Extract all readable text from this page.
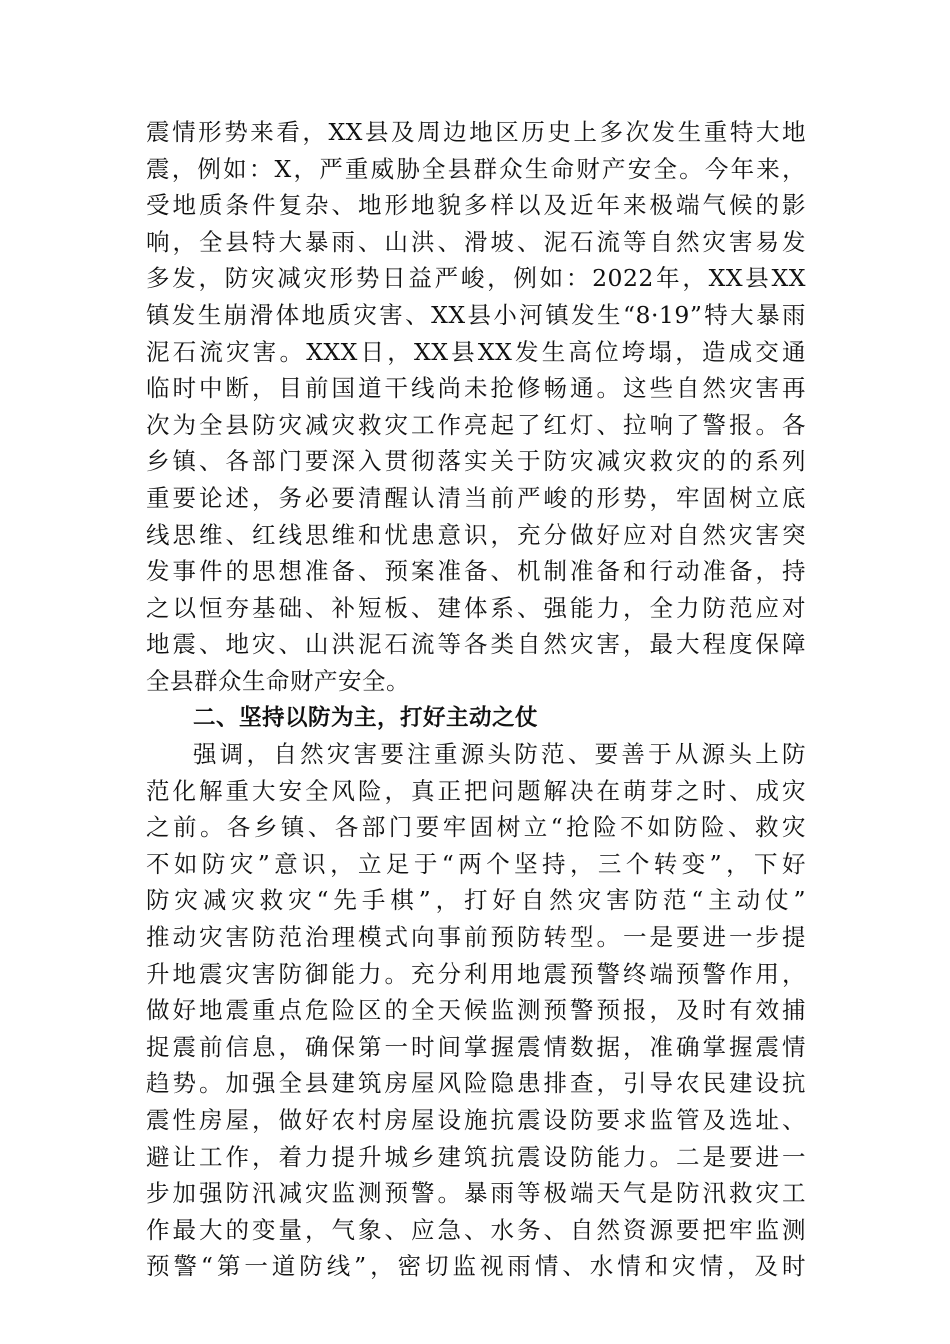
震情形势来看，XX县及周边地区历史上多次发生重特大地
震，例如：X，严重威胁全县群众生命财产安全。今年来，
受地质条件复杂、地形地貌多样以及近年来极端气候的影
响，全县特大暴雨、山洪、滑坡、泥石流等自然灾害易发
多发，防灾减灾形势日益严峻，例如：2022年，XX县XX
镇发生崩滑体地质灾害、XX县小河镇发生“8·19”特大暴雨
泥石流灾害。XXX日，XX县XX发生高位垮塌，造成交通
临时中断，目前国道干线尚未抢修畅通。这些自然灾害再
次为全县防灾减灾救灾工作亮起了红灯、拉响了警报。各
乡镇、各部门要深入贯彻落实关于防灾减灾救灾的的系列
重要论述，务必要清醒认清当前严峻的形势，牢固树立底
线思维、红线思维和忧患意识，充分做好应对自然灾害突
发事件的思想准备、预案准备、机制准备和行动准备，持
之以恒夯基础、补短板、建体系、强能力，全力防范应对
地震、地灾、山洪泥石流等各类自然灾害，最大程度保障
全县群众生命财产安全。
二、坚持以防为主，打好主动之仗
强调，自然灾害要注重源头防范、要善于从源头上防
范化解重大安全风险，真正把问题解决在萌芽之时、成灾
之前。各乡镇、各部门要牢固树立“抢险不如防险、救灾
不如防灾”意识，立足于“两个坚持，三个转变”，下好
防灾减灾救灾“先手棋”，打好自然灾害防范“主动仗”
推动灾害防范治理模式向事前预防转型。一是要进一步提
升地震灾害防御能力。充分利用地震预警终端预警作用，
做好地震重点危险区的全天候监测预警预报，及时有效捕
捉震前信息，确保第一时间掌握震情数据，准确掌握震情
趋势。加强全县建筑房屋风险隐患排查，引导农民建设抗
震性房屋，做好农村房屋设施抗震设防要求监管及选址、
避让工作，着力提升城乡建筑抗震设防能力。二是要进一
步加强防汛减灾监测预警。暴雨等极端天气是防汛救灾工
作最大的变量，气象、应急、水务、自然资源要把牢监测
预警“第一道防线”，密切监视雨情、水情和灾情，及时
